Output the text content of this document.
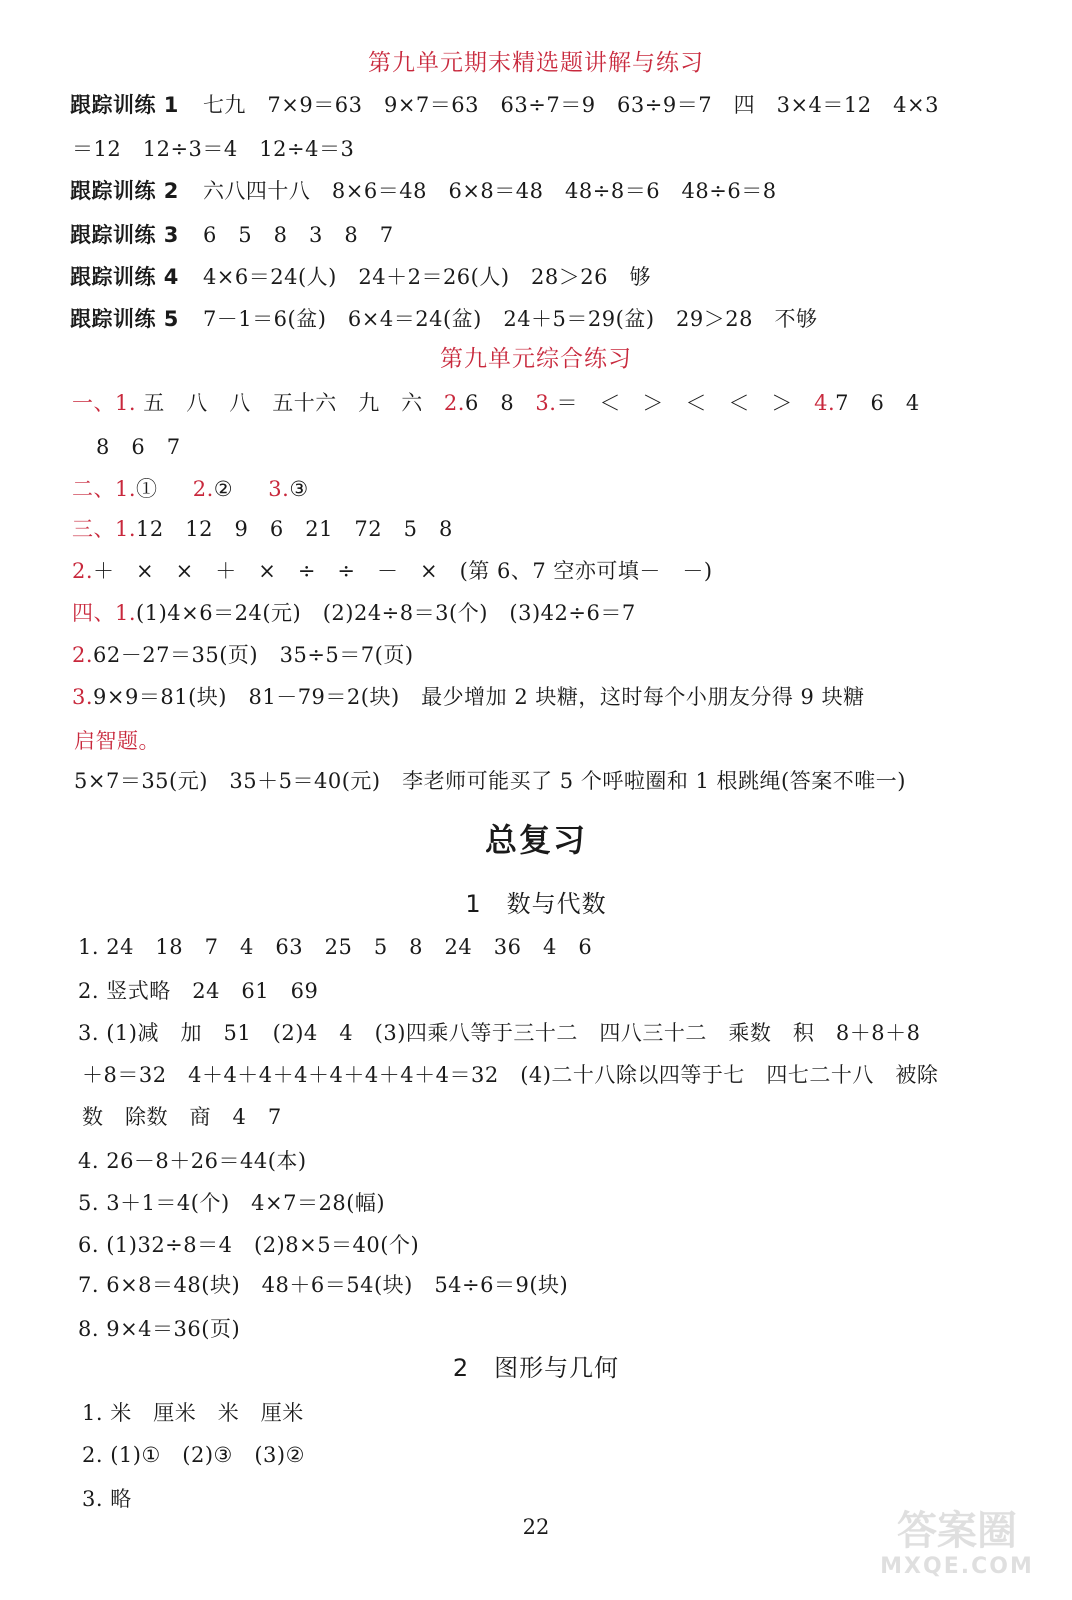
第九单元期末精选题讲解与练习
跟踪训练 1 七九　7×9＝63　9×7＝63　63÷7＝9　63÷9＝7　四　3×4＝12　4×3
＝12　12÷3＝4　12÷4＝3
跟踪训练 2 六八四十八　8×6＝48　6×8＝48　48÷8＝6　48÷6＝8
跟踪训练 3 6　5　8　3　8　7
跟踪训练 4 4×6＝24(人)　24＋2＝26(人)　28＞26　够
跟踪训练 5 7－1＝6(盆)　6×4＝24(盆)　24＋5＝29(盆)　29＞28　不够
第九单元综合练习
一、1. 五　八　八　五十六　九　六 2.6　8 3.＝　＜　＞　＜　＜　＞ 4.7　6　4
8　6　7
二、1.① 2.② 3.③
三、1.12　12　9　6　21　72　5　8
2.＋　×　×　＋　×　÷　÷　－　×　(第 6、7 空亦可填－　－)
四、1.(1)4×6＝24(元)　(2)24÷8＝3(个)　(3)42÷6＝7
2.62－27＝35(页)　35÷5＝7(页)
3.9×9＝81(块)　81－79＝2(块)　最少增加 2 块糖，这时每个小朋友分得 9 块糖
启智题。
5×7＝35(元)　35＋5＝40(元)　李老师可能买了 5 个呼啦圈和 1 根跳绳(答案不唯一)
总复习
1　数与代数
1. 24　18　7　4　63　25　5　8　24　36　4　6
2. 竖式略　24　61　69
3. (1)减　加　51　(2)4　4　(3)四乘八等于三十二　四八三十二　乘数　积　8＋8＋8
＋8＝32　4＋4＋4＋4＋4＋4＋4＋4＝32　(4)二十八除以四等于七　四七二十八　被除
数　除数　商　4　7
4. 26－8＋26＝44(本)
5. 3＋1＝4(个)　4×7＝28(幅)
6. (1)32÷8＝4　(2)8×5＝40(个)
7. 6×8＝48(块)　48＋6＝54(块)　54÷6＝9(块)
8. 9×4＝36(页)
2　图形与几何
1. 米　厘米　米　厘米
2. (1)①　(2)③　(3)②
3. 略
22	答案圈
MXQE.COM
